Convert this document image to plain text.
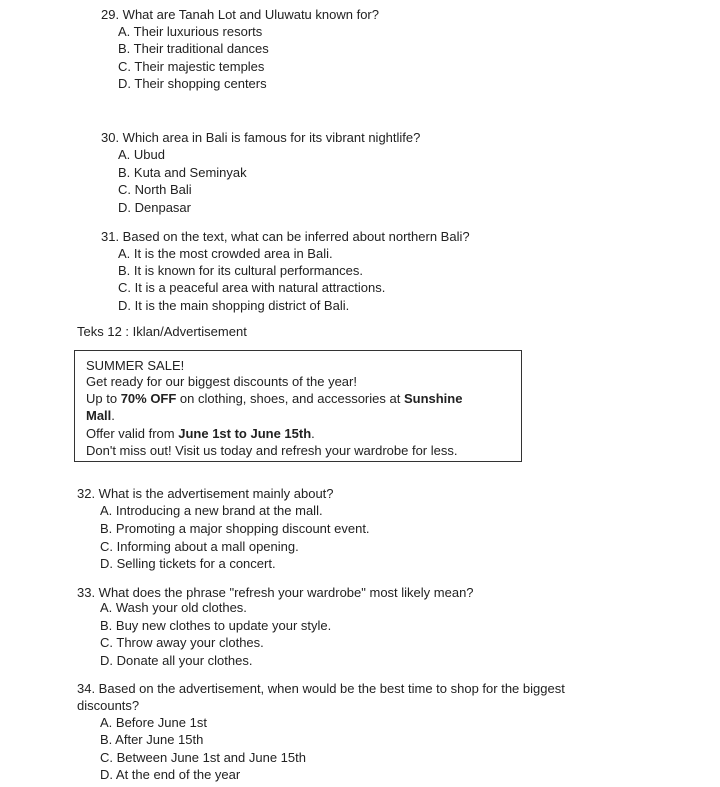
29. What are Tanah Lot and Uluwatu known for?
A. Their luxurious resorts
B. Their traditional dances
C. Their majestic temples
D. Their shopping centers
30. Which area in Bali is famous for its vibrant nightlife?
A. Ubud
B. Kuta and Seminyak
C. North Bali
D. Denpasar
31. Based on the text, what can be inferred about northern Bali?
A. It is the most crowded area in Bali.
B. It is known for its cultural performances.
C. It is a peaceful area with natural attractions.
D. It is the main shopping district of Bali.
Teks 12 : Iklan/Advertisement
SUMMER SALE!
Get ready for our biggest discounts of the year!
Up to 70% OFF on clothing, shoes, and accessories at Sunshine
Mall.
Offer valid from June 1st to June 15th.
Don't miss out! Visit us today and refresh your wardrobe for less.
32. What is the advertisement mainly about?
A. Introducing a new brand at the mall.
B. Promoting a major shopping discount event.
C. Informing about a mall opening.
D. Selling tickets for a concert.
33. What does the phrase "refresh your wardrobe" most likely mean?
A. Wash your old clothes.
B. Buy new clothes to update your style.
C. Throw away your clothes.
D. Donate all your clothes.
34. Based on the advertisement, when would be the best time to shop for the biggest
discounts?
A. Before June 1st
B. After June 15th
C. Between June 1st and June 15th
D. At the end of the year
